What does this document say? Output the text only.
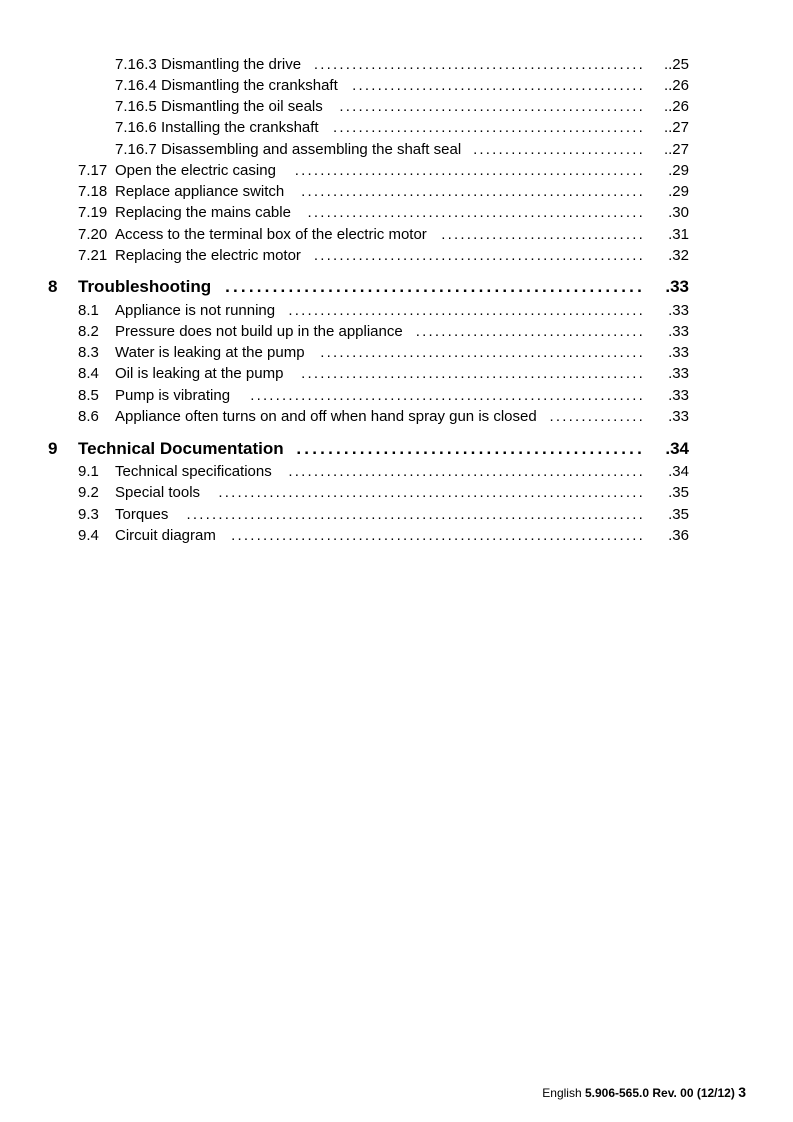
7.16.3 Dismantling the drive .................................................... ..25
7.16.4 Dismantling the crankshaft .............................................. ..26
7.16.5 Dismantling the oil seals	................................................ ..26
7.16.6 Installing the crankshaft ................................................. ..27
7.16.7 Disassembling and assembling the shaft seal ........................... ..27
7.17 Open the electric casing	....................................................... .29
7.18 Replace appliance switch	...................................................... .29
7.19 Replacing the mains cable	..................................................... .30
7.20 Access to the terminal box of the electric motor ................................ .31
7.21 Replacing the electric motor .................................................... .32
8 Troubleshooting ..................................................... .33
8.1 Appliance is not running ........................................................ .33
8.2 Pressure does not build up in the appliance .................................... .33
8.3 Water is leaking at the pump	................................................... .33
8.4 Oil is leaking at the pump	...................................................... .33
8.5 Pump is vibrating	.............................................................. .33
8.6 Appliance often turns on and off when hand spray gun is closed ............... .33
9 Technical Documentation ............................................ .34
9.1 Technical specifications	........................................................ .34
9.2 Special tools	................................................................... .35
9.3 Torques	........................................................................ .35
9.4 Circuit diagram	................................................................. .36
English 5.906-565.0 Rev. 00 (12/12) 3
